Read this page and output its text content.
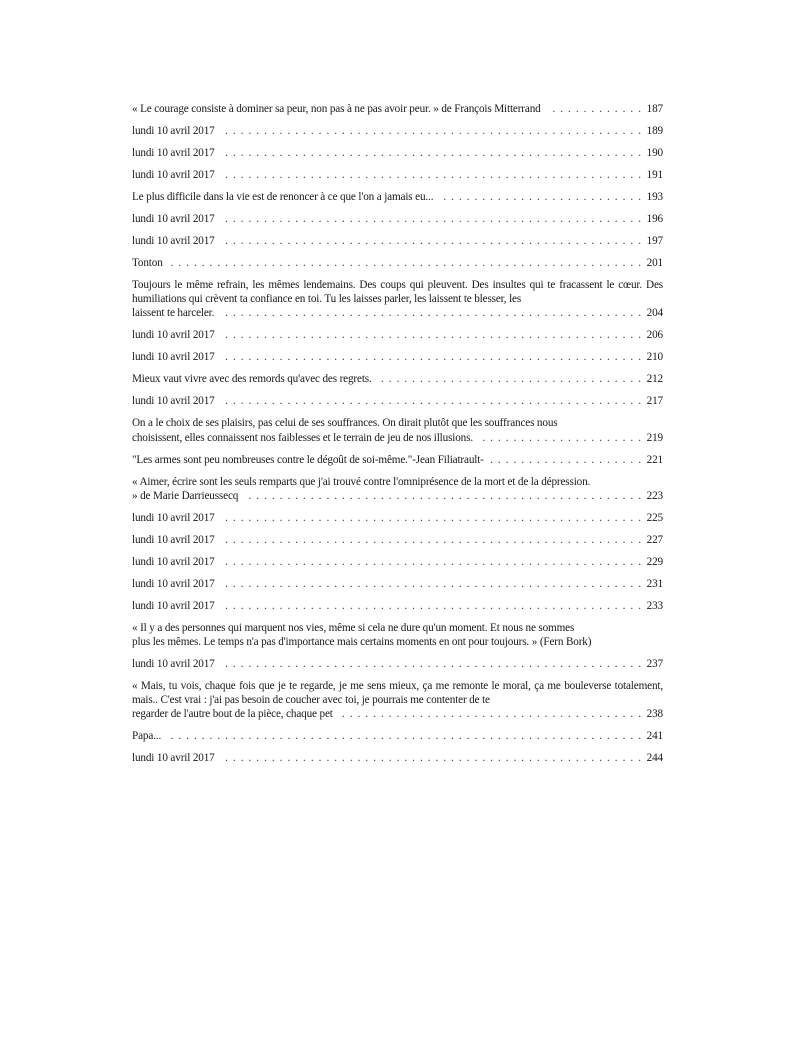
« Le courage consiste à dominer sa peur, non pas à ne pas avoir peur. » de François Mitterrand . . .	187
lundi 10 avril 2017 . . .	189
lundi 10 avril 2017 . . .	190
lundi 10 avril 2017 . . .	191
Le plus difficile dans la vie est de renoncer à ce que l'on a jamais eu... . . .	193
lundi 10 avril 2017 . . .	196
lundi 10 avril 2017 . . .	197
Tonton . . .	201
Toujours le même refrain, les mêmes lendemains. Des coups qui pleuvent. Des insultes qui te fracassent le cœur. Des humiliations qui crèvent ta confiance en toi. Tu les laisses parler, les laissent te blesser, les
laissent te harceler. . . .	204
lundi 10 avril 2017 . . .	206
lundi 10 avril 2017 . . .	210
Mieux vaut vivre avec des remords qu'avec des regrets. . . .	212
lundi 10 avril 2017 . . .	217
On a le choix de ses plaisirs, pas celui de ses souffrances. On dirait plutôt que les souffrances nous
choisissent, elles connaissent nos faiblesses et le terrain de jeu de nos illusions. . . .	219
"Les armes sont peu nombreuses contre le dégoût de soi-même."-Jean Filiatrault- . . .	221
« Aimer, écrire sont les seuls remparts que j'ai trouvé contre l'omniprésence de la mort et de la dépression.
» de Marie Darrieussecq . . .	223
lundi 10 avril 2017 . . .	225
lundi 10 avril 2017 . . .	227
lundi 10 avril 2017 . . .	229
lundi 10 avril 2017 . . .	231
lundi 10 avril 2017 . . .	233
« Il y a des personnes qui marquent nos vies, même si cela ne dure qu'un moment. Et nous ne sommes
plus les mêmes. Le temps n'a pas d'importance mais certains moments en ont pour toujours. » (Fern Bork)
lundi 10 avril 2017 . . .	237
« Mais, tu vois, chaque fois que je te regarde, je me sens mieux, ça me remonte le moral, ça me bouleverse totalement, mais.. C'est vrai : j'ai pas besoin de coucher avec toi, je pourrais me contenter de te
regarder de l'autre bout de la pièce, chaque pet . . .	238
Papa... . . .	241
lundi 10 avril 2017 . . .	244
